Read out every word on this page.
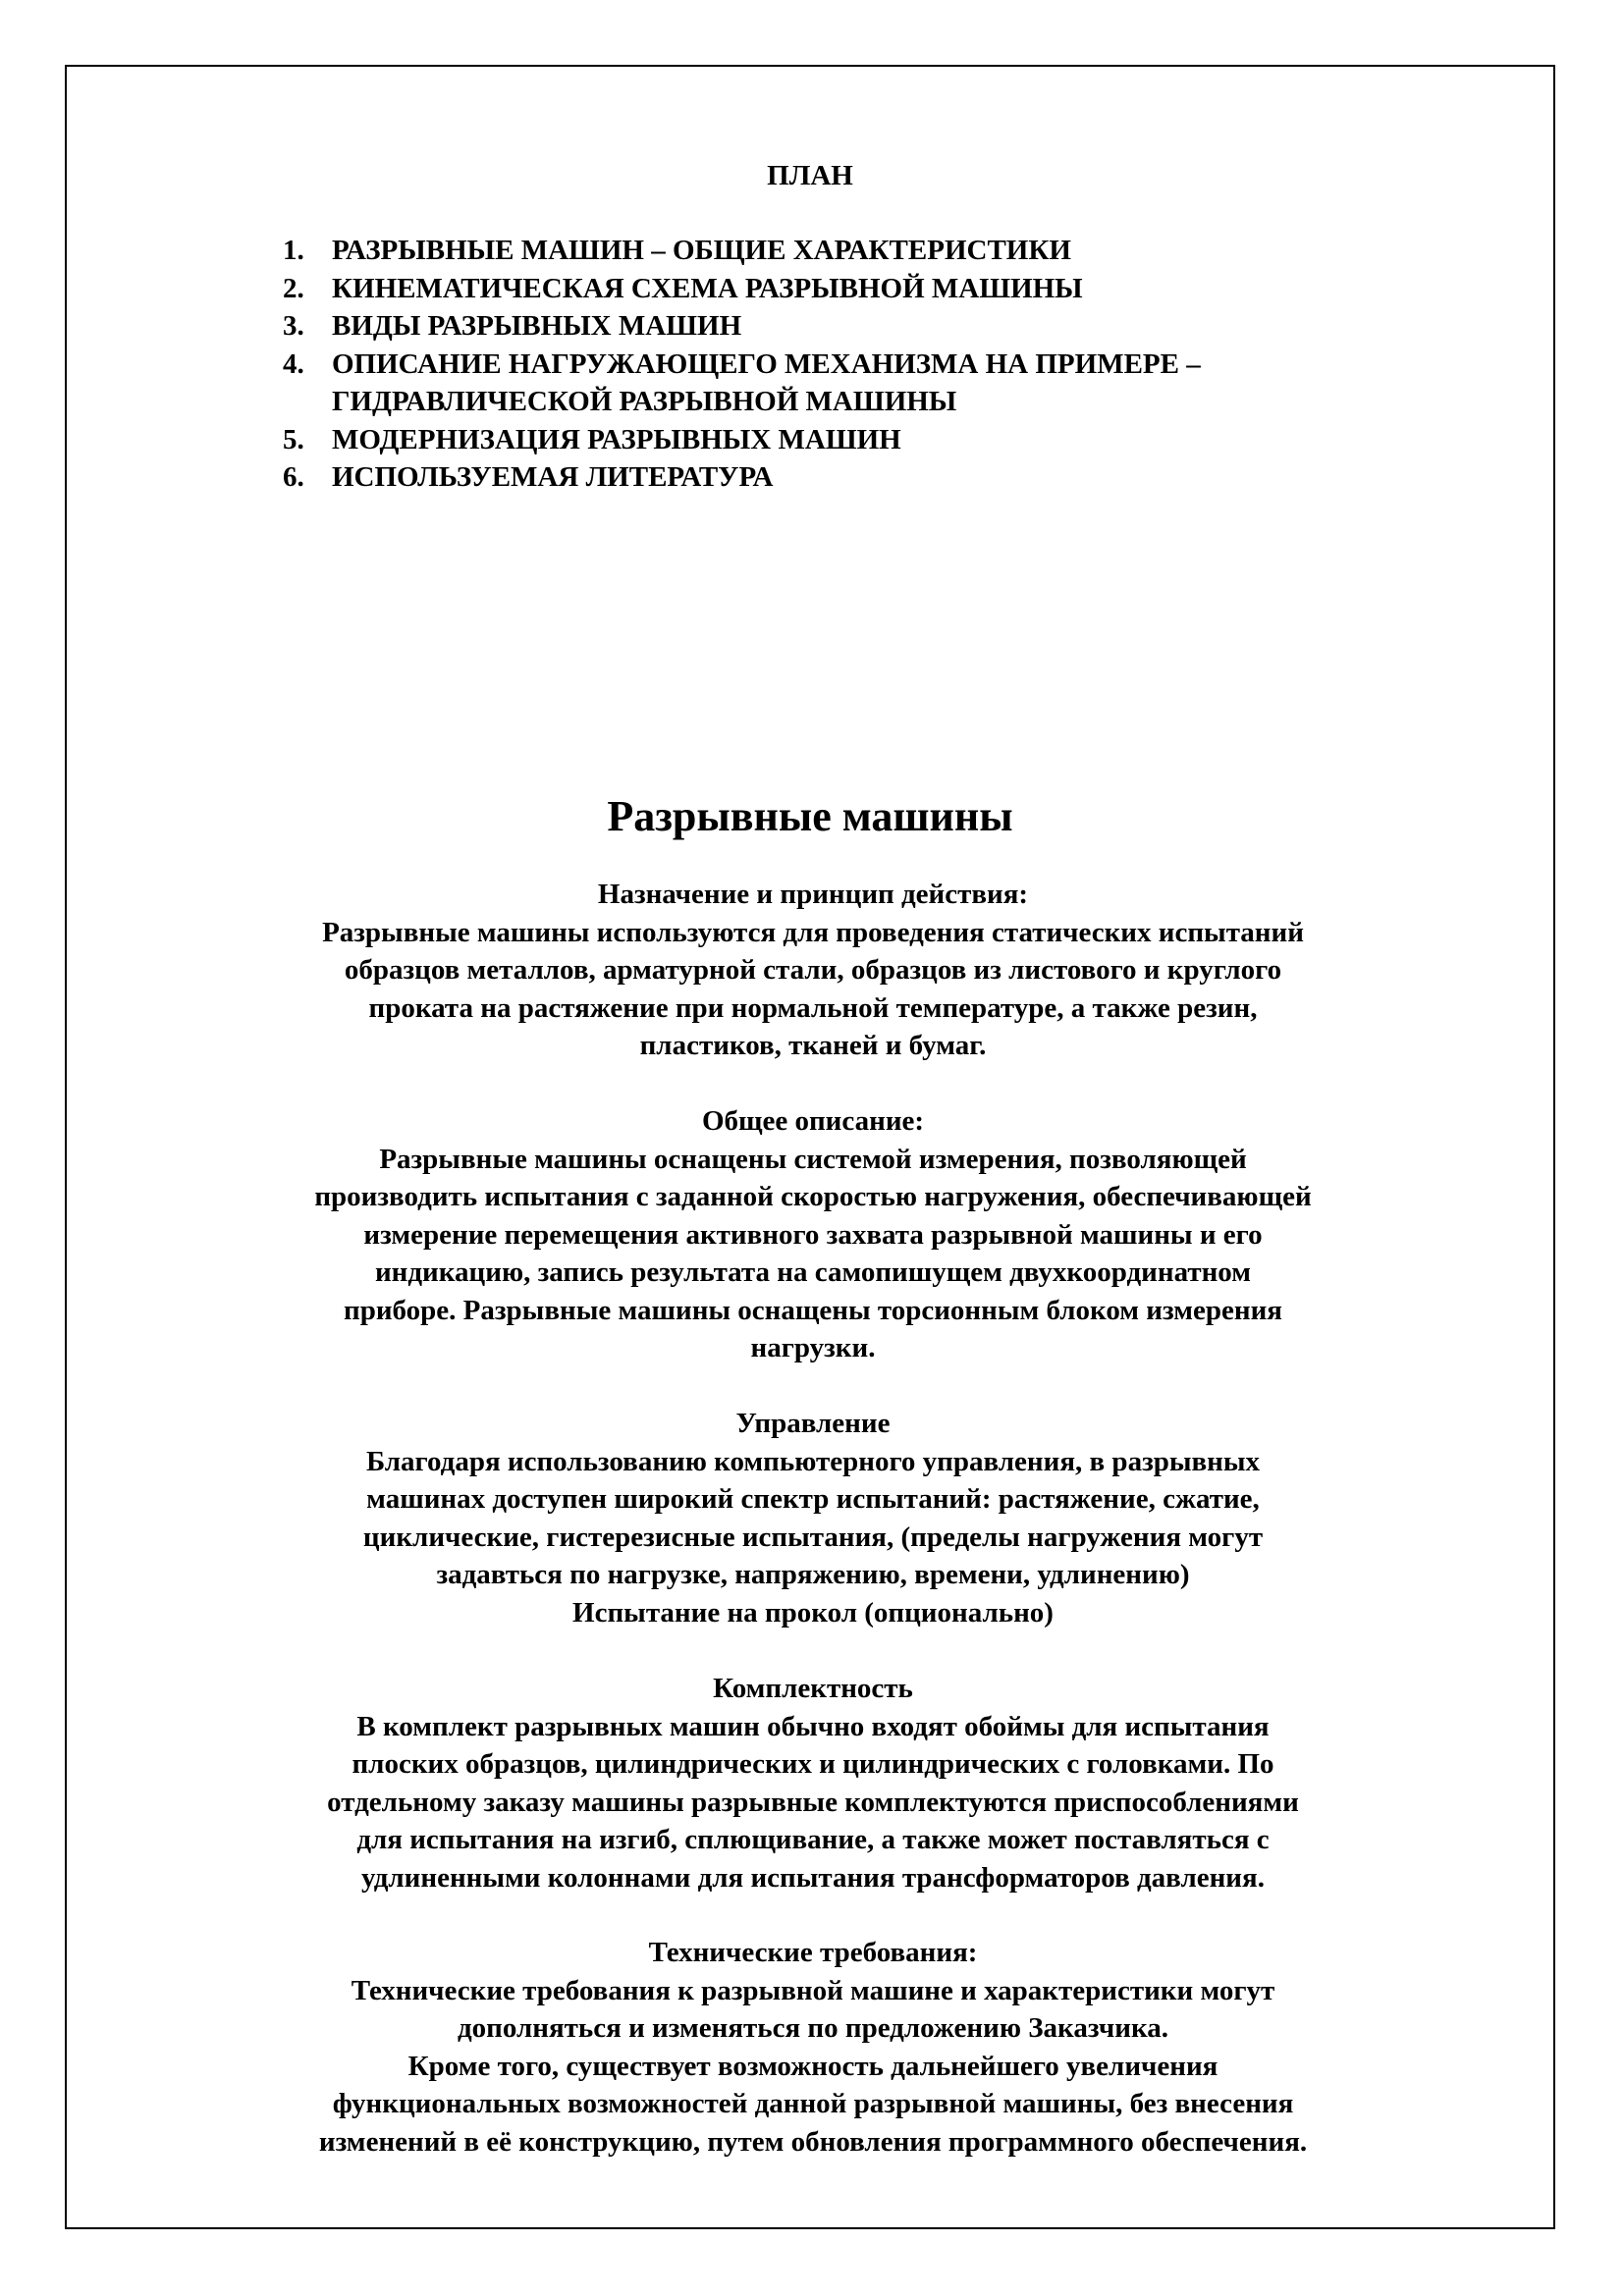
ПЛАН
1. РАЗРЫВНЫЕ МАШИН – ОБЩИЕ ХАРАКТЕРИСТИКИ
2. КИНЕМАТИЧЕСКАЯ СХЕМА РАЗРЫВНОЙ МАШИНЫ
3. ВИДЫ РАЗРЫВНЫХ МАШИН
4. ОПИСАНИЕ НАГРУЖАЮЩЕГО МЕХАНИЗМА НА ПРИМЕРЕ –
ГИДРАВЛИЧЕСКОЙ РАЗРЫВНОЙ МАШИНЫ
5. МОДЕРНИЗАЦИЯ РАЗРЫВНЫХ МАШИН
6. ИСПОЛЬЗУЕМАЯ ЛИТЕРАТУРА
Разрывные машины
Назначение и принцип действия:
Разрывные машины используются для проведения статических испытаний
образцов металлов, арматурной стали, образцов из листового и круглого
проката на растяжение при нормальной температуре, а также резин,
пластиков, тканей и бумаг.
Общее описание:
Разрывные машины оснащены системой измерения, позволяющей
производить испытания с заданной скоростью нагружения, обеспечивающей
измерение перемещения активного захвата разрывной машины и его
индикацию, запись результата на самопишущем двухкоординатном
приборе. Разрывные машины оснащены торсионным блоком измерения
нагрузки.
Управление
Благодаря использованию компьютерного управления, в разрывных
машинах доступен широкий спектр испытаний: растяжение, сжатие,
циклические, гистерезисные испытания, (пределы нагружения могут
задавться по нагрузке, напряжению, времени, удлинению)
Испытание на прокол (опционально)
Комплектность
В комплект разрывных машин обычно входят обоймы для испытания
плоских образцов, цилиндрических и цилиндрических с головками. По
отдельному заказу машины разрывные комплектуются приспособлениями
для испытания на изгиб, сплющивание, а также может поставляться с
удлиненными колоннами для испытания трансформаторов давления.
Технические требования:
Технические требования к разрывной машине и характеристики могут
дополняться и изменяться по предложению Заказчика.
Кроме того, существует возможность дальнейшего увеличения
функциональных возможностей данной разрывной машины, без внесения
изменений в её конструкцию, путем обновления программного обеспечения.
